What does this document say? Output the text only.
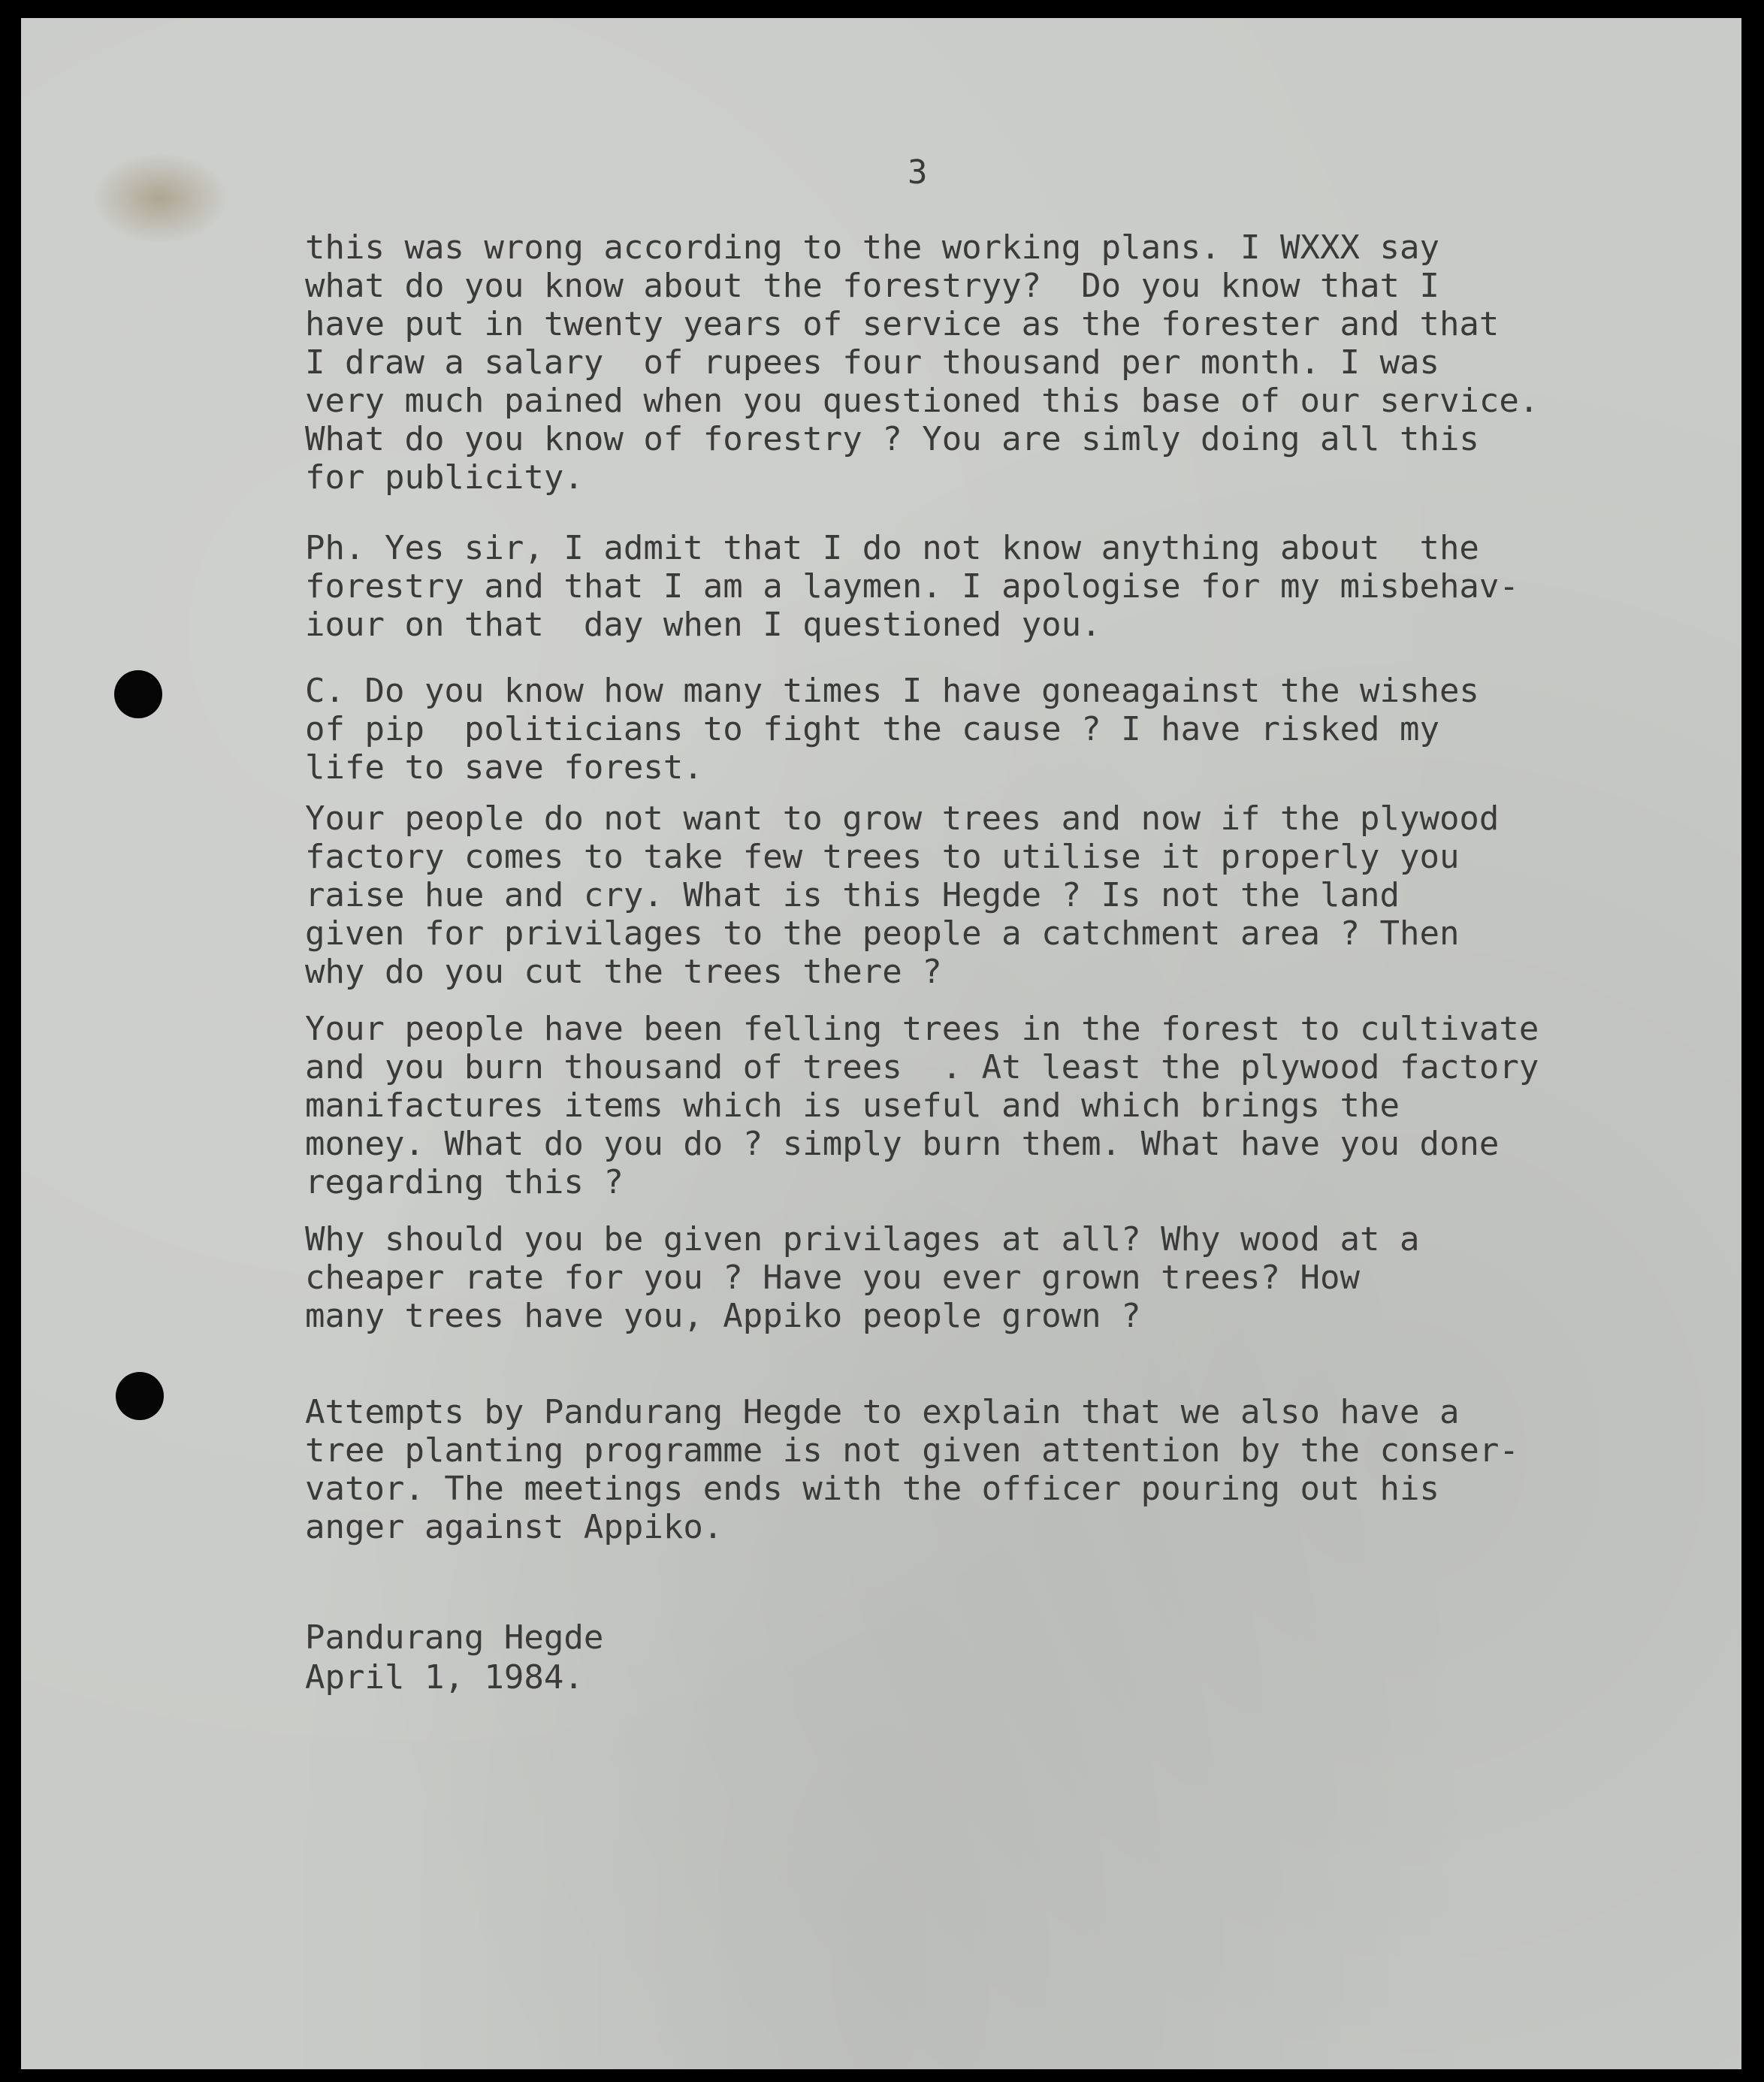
3

this was wrong according to the working plans. I WXXX say
what do you know about the forestryy?  Do you know that I
have put in twenty years of service as the forester and that
I draw a salary  of rupees four thousand per month. I was
very much pained when you questioned this base of our service.
What do you know of forestry ? You are simly doing all this
for publicity.

Ph. Yes sir, I admit that I do not know anything about  the
forestry and that I am a laymen. I apologise for my misbehav-
iour on that  day when I questioned you.

C. Do you know how many times I have goneagainst the wishes
of pip  politicians to fight the cause ? I have risked my
life to save forest.

Your people do not want to grow trees and now if the plywood
factory comes to take few trees to utilise it properly you
raise hue and cry. What is this Hegde ? Is not the land
given for privilages to the people a catchment area ? Then
why do you cut the trees there ?

Your people have been felling trees in the forest to cultivate
and you burn thousand of trees  . At least the plywood factory
manifactures items which is useful and which brings the
money. What do you do ? simply burn them. What have you done
regarding this ?

Why should you be given privilages at all? Why wood at a
cheaper rate for you ? Have you ever grown trees? How
many trees have you, Appiko people grown ?

Attempts by Pandurang Hegde to explain that we also have a
tree planting programme is not given attention by the conser-
vator. The meetings ends with the officer pouring out his
anger against Appiko.

Pandurang Hegde

April 1, 1984.
